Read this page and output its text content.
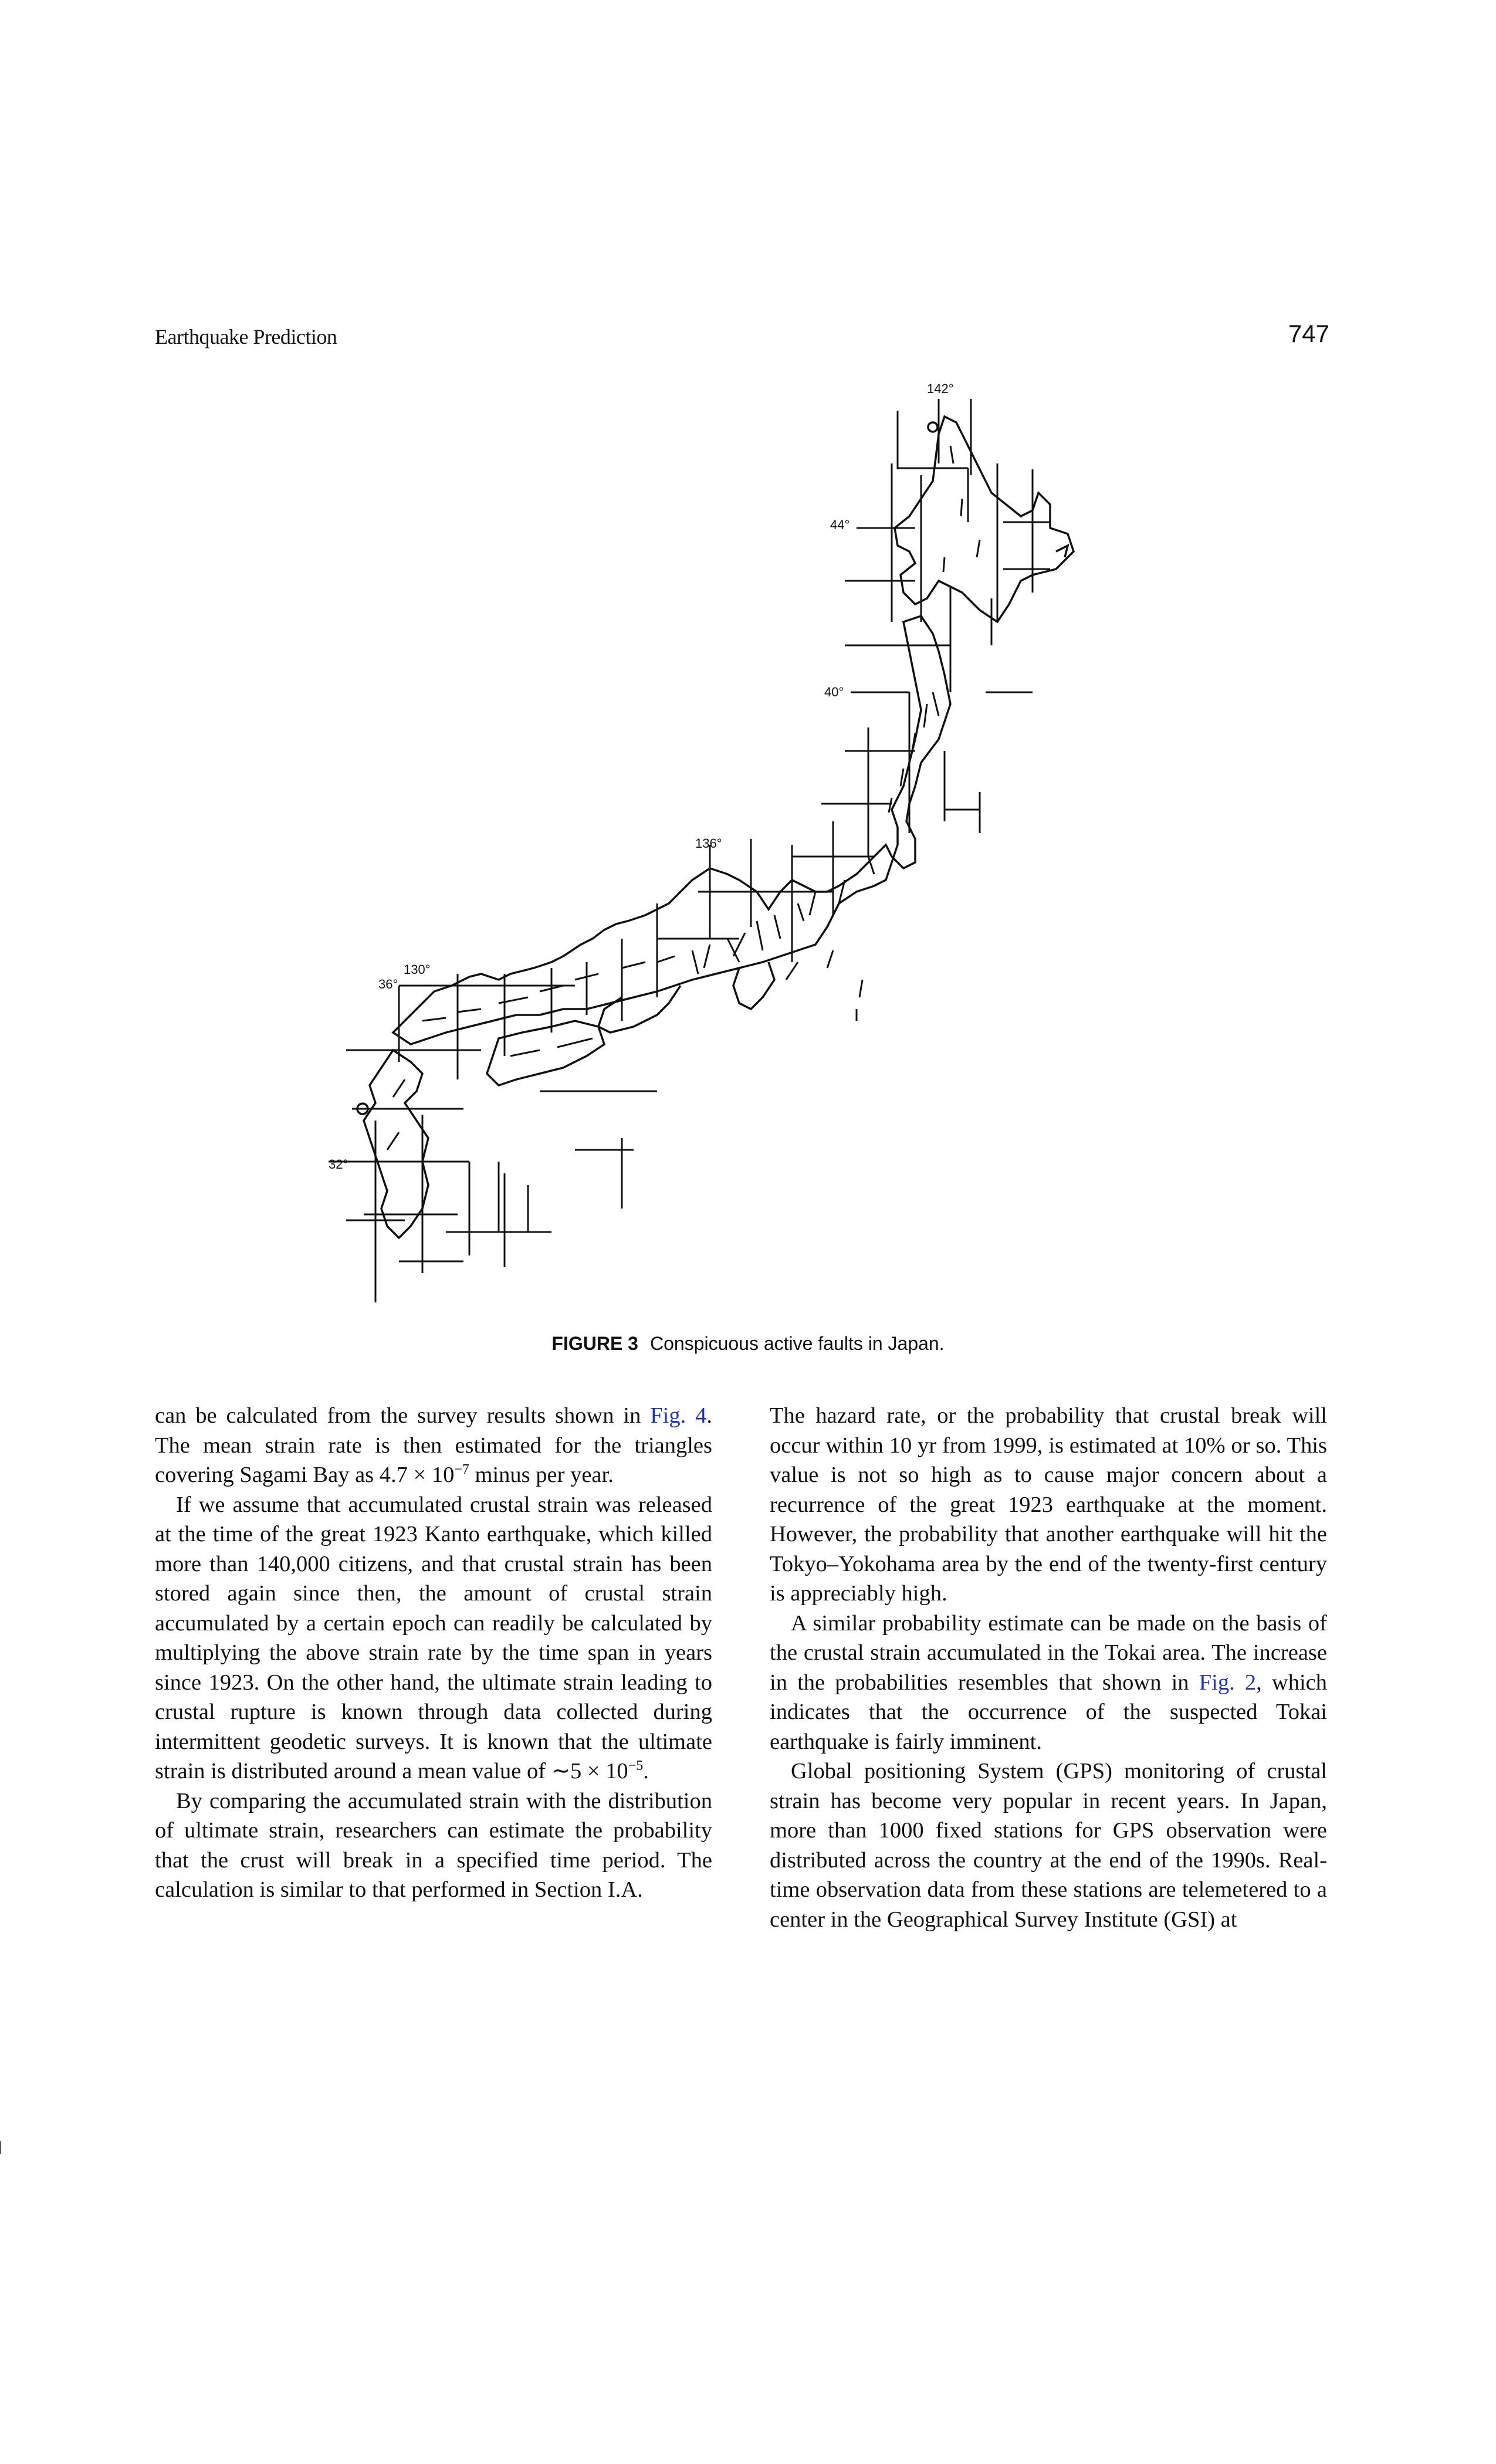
Earthquake Prediction	747
142°
44°
40°
136°
130°
36°
32°
FIGURE 3 Conspicuous active faults in Japan.

can be calculated from the survey results shown in Fig. 4. The mean strain rate is then estimated for the triangles covering Sagami Bay as $4.7 \times 10^{-7}$ minus per year.

If we assume that accumulated crustal strain was released at the time of the great 1923 Kanto earthquake, which killed more than 140,000 citizens, and that crustal strain has been stored again since then, the amount of crustal strain accumulated by a certain epoch can readily be calculated by multiplying the above strain rate by the time span in years since 1923. On the other hand, the ultimate strain leading to crustal rupture is known through data collected during intermittent geodetic surveys. It is known that the ultimate strain is distributed around a mean value of ∼5 × $10^{-5}$.

By comparing the accumulated strain with the distribution of ultimate strain, researchers can estimate the probability that the crust will break in a specified time period. The calculation is similar to that performed in Section I.A.

The hazard rate, or the probability that crustal break will occur within 10 yr from 1999, is estimated at 10% or so. This value is not so high as to cause major concern about a recurrence of the great 1923 earthquake at the moment. However, the probability that another earthquake will hit the Tokyo–Yokohama area by the end of the twenty-first century is appreciably high.

A similar probability estimate can be made on the basis of the crustal strain accumulated in the Tokai area. The increase in the probabilities resembles that shown in Fig. 2, which indicates that the occurrence of the suspected Tokai earthquake is fairly imminent.

Global positioning System (GPS) monitoring of crustal strain has become very popular in recent years. In Japan, more than 1000 fixed stations for GPS observation were distributed across the country at the end of the 1990s. Real-time observation data from these stations are telemetered to a center in the Geographical Survey Institute (GSI) at
